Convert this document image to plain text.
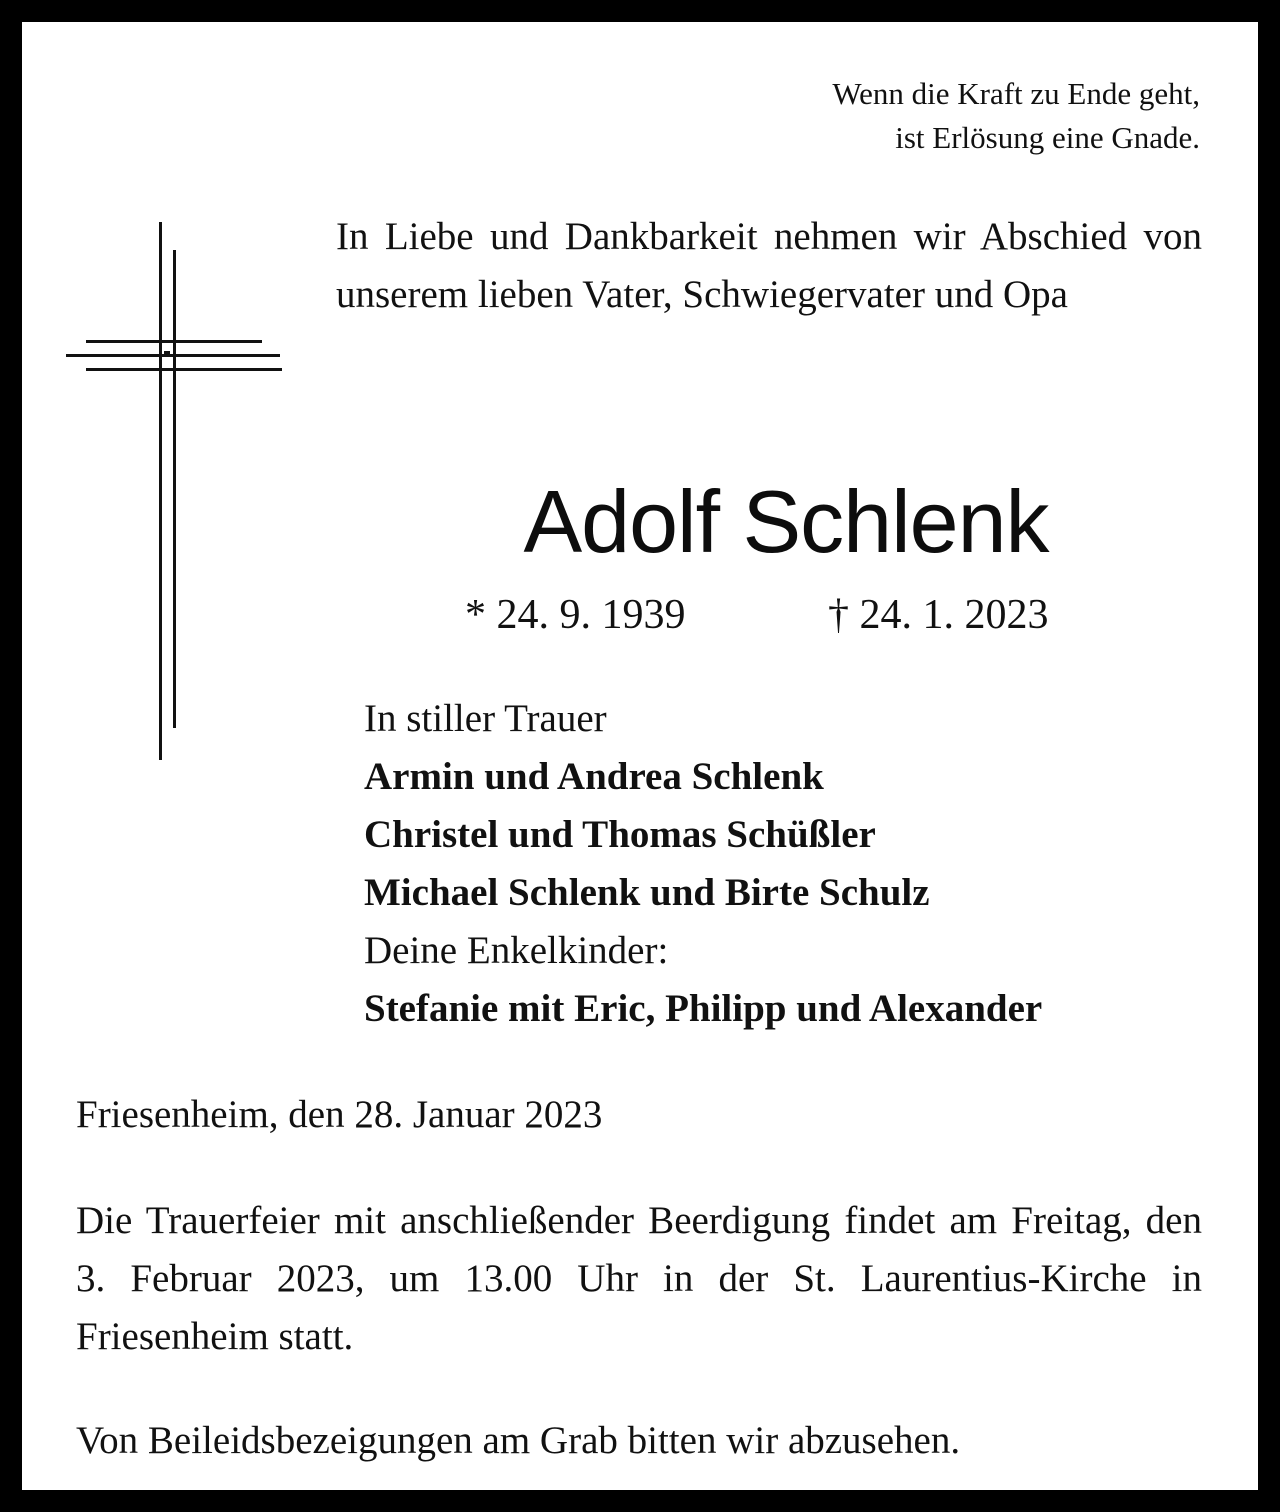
Wenn die Kraft zu Ende geht,
ist Erlösung eine Gnade.
In Liebe und Dankbarkeit nehmen wir Abschied von unserem lieben Vater, Schwiegervater und Opa
Adolf Schlenk
* 24. 9. 1939	† 24. 1. 2023
In stiller Trauer
Armin und Andrea Schlenk
Christel und Thomas Schüßler
Michael Schlenk und Birte Schulz
Deine Enkelkinder:
Stefanie mit Eric, Philipp und Alexander
Friesenheim, den 28. Januar 2023
Die Trauerfeier mit anschließender Beerdigung findet am Freitag, den 3. Februar 2023, um 13.00 Uhr in der St. Laurentius-Kirche in Friesenheim statt.
Von Beileidsbezeigungen am Grab bitten wir abzusehen.
